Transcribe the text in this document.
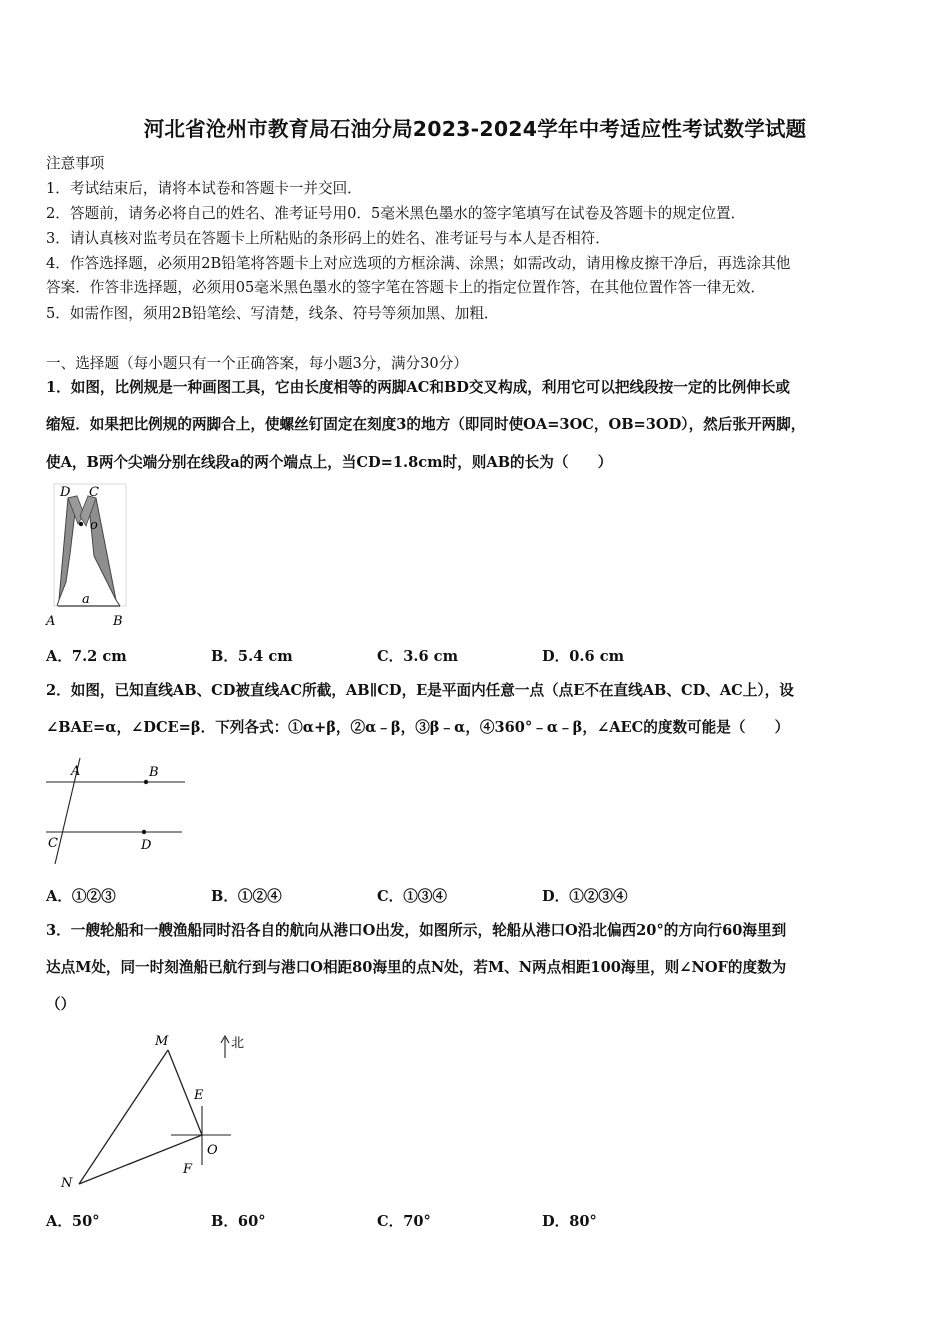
河北省沧州市教育局石油分局2023-2024学年中考适应性考试数学试题
注意事项
1．考试结束后，请将本试卷和答题卡一并交回．
2．答题前，请务必将自己的姓名、准考证号用0．5毫米黑色墨水的签字笔填写在试卷及答题卡的规定位置．
3．请认真核对监考员在答题卡上所粘贴的条形码上的姓名、准考证号与本人是否相符．
4．作答选择题，必须用2B铅笔将答题卡上对应选项的方框涂满、涂黑；如需改动，请用橡皮擦干净后，再选涂其他
答案．作答非选择题，必须用05毫米黑色墨水的签字笔在答题卡上的指定位置作答，在其他位置作答一律无效．
5．如需作图，须用2B铅笔绘、写清楚，线条、符号等须加黑、加粗．
一、选择题（每小题只有一个正确答案，每小题3分，满分30分）
1．如图，比例规是一种画图工具，它由长度相等的两脚AC和BD交叉构成，利用它可以把线段按一定的比例伸长或
缩短．如果把比例规的两脚合上，使螺丝钉固定在刻度3的地方（即同时使OA=3OC，OB=3OD），然后张开两脚，
使A，B两个尖端分别在线段a的两个端点上，当CD=1.8cm时，则AB的长为（　　）
D C
o
A
a
B
A．7.2 cm	B．5.4 cm	C．3.6 cm	D．0.6 cm
2．如图，已知直线AB、CD被直线AC所截，AB∥CD，E是平面内任意一点（点E不在直线AB、CD、AC上），设
∠BAE=α，∠DCE=β．下列各式：①α+β，②α﹣β，③β﹣α，④360°﹣α﹣β，∠AEC的度数可能是（　　）
A	B
C	D
A．①②③	B．①②④	C．①③④	D．①②③④
3．一艘轮船和一艘渔船同时沿各自的航向从港口O出发，如图所示，轮船从港口O沿北偏西20°的方向行60海里到
达点M处，同一时刻渔船已航行到与港口O相距80海里的点N处，若M、N两点相距100海里，则∠NOF的度数为
（）
北
M
E
O
F
N
A．50°	B．60°	C．70°	D．80°
